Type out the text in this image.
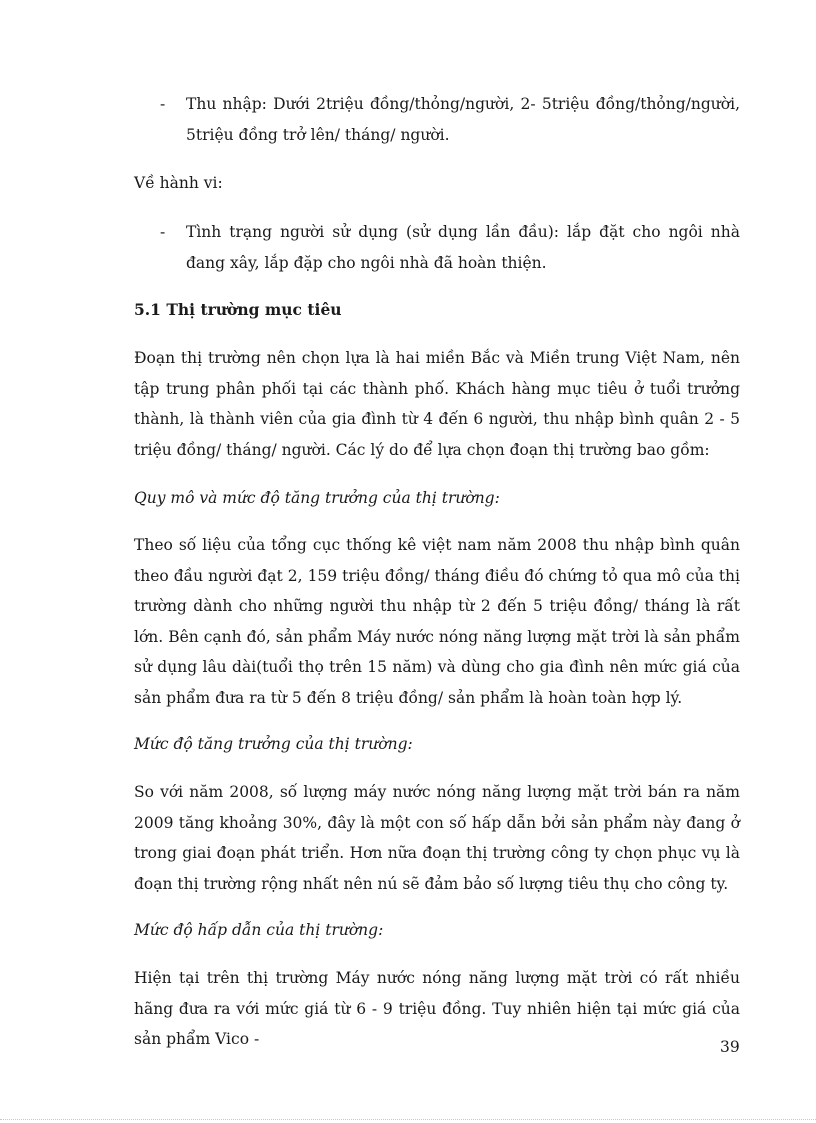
- Thu nhập: Dưới 2triệu đồng/thỏng/người, 2- 5triệu đồng/thỏng/người, 5triệu đồng trở lên/ tháng/ người.
Về hành vi:
- Tình trạng người sử dụng (sử dụng lần đầu): lắp đặt cho ngôi nhà đang xây, lắp đặp cho ngôi nhà đã hoàn thiện.
5.1 Thị trường mục tiêu
Đoạn thị trường nên chọn lựa là hai miền Bắc và Miền trung Việt Nam, nên tập trung phân phối tại các thành phố. Khách hàng mục tiêu ở tuổi trưởng thành, là thành viên của gia đình từ 4 đến 6 người, thu nhập bình quân 2 - 5 triệu đồng/ tháng/ người. Các lý do để lựa chọn đoạn thị trường bao gồm:
Quy mô và mức độ tăng trưởng của thị trường:
Theo số liệu của tổng cục thống kê việt nam năm 2008 thu nhập bình quân theo đầu người đạt 2, 159 triệu đồng/ tháng điều đó chứng tỏ qua mô của thị trường dành cho những người thu nhập từ 2 đến 5 triệu đồng/ tháng là rất lớn. Bên cạnh đó, sản phẩm Máy nước nóng năng lượng mặt trời là sản phẩm sử dụng lâu dài(tuổi thọ trên 15 năm) và dùng cho gia đình nên mức giá của sản phẩm đưa ra từ 5 đến 8 triệu đồng/ sản phẩm là hoàn toàn hợp lý.
Mức độ tăng trưởng của thị trường:
So với năm 2008, số lượng máy nước nóng năng lượng mặt trời bán ra năm 2009 tăng khoảng 30%, đây là một con số hấp dẫn bởi sản phẩm này đang ở trong giai đoạn phát triển. Hơn nữa đoạn thị trường công ty chọn phục vụ là đoạn thị trường rộng nhất nên nú sẽ đảm bảo số lượng tiêu thụ cho công ty.
Mức độ hấp dẫn của thị trường:
Hiện tại trên thị trường Máy nước nóng năng lượng mặt trời có rất nhiều hãng đưa ra với mức giá từ 6 - 9 triệu đồng. Tuy nhiên hiện tại mức giá của sản phẩm Vico -	39
